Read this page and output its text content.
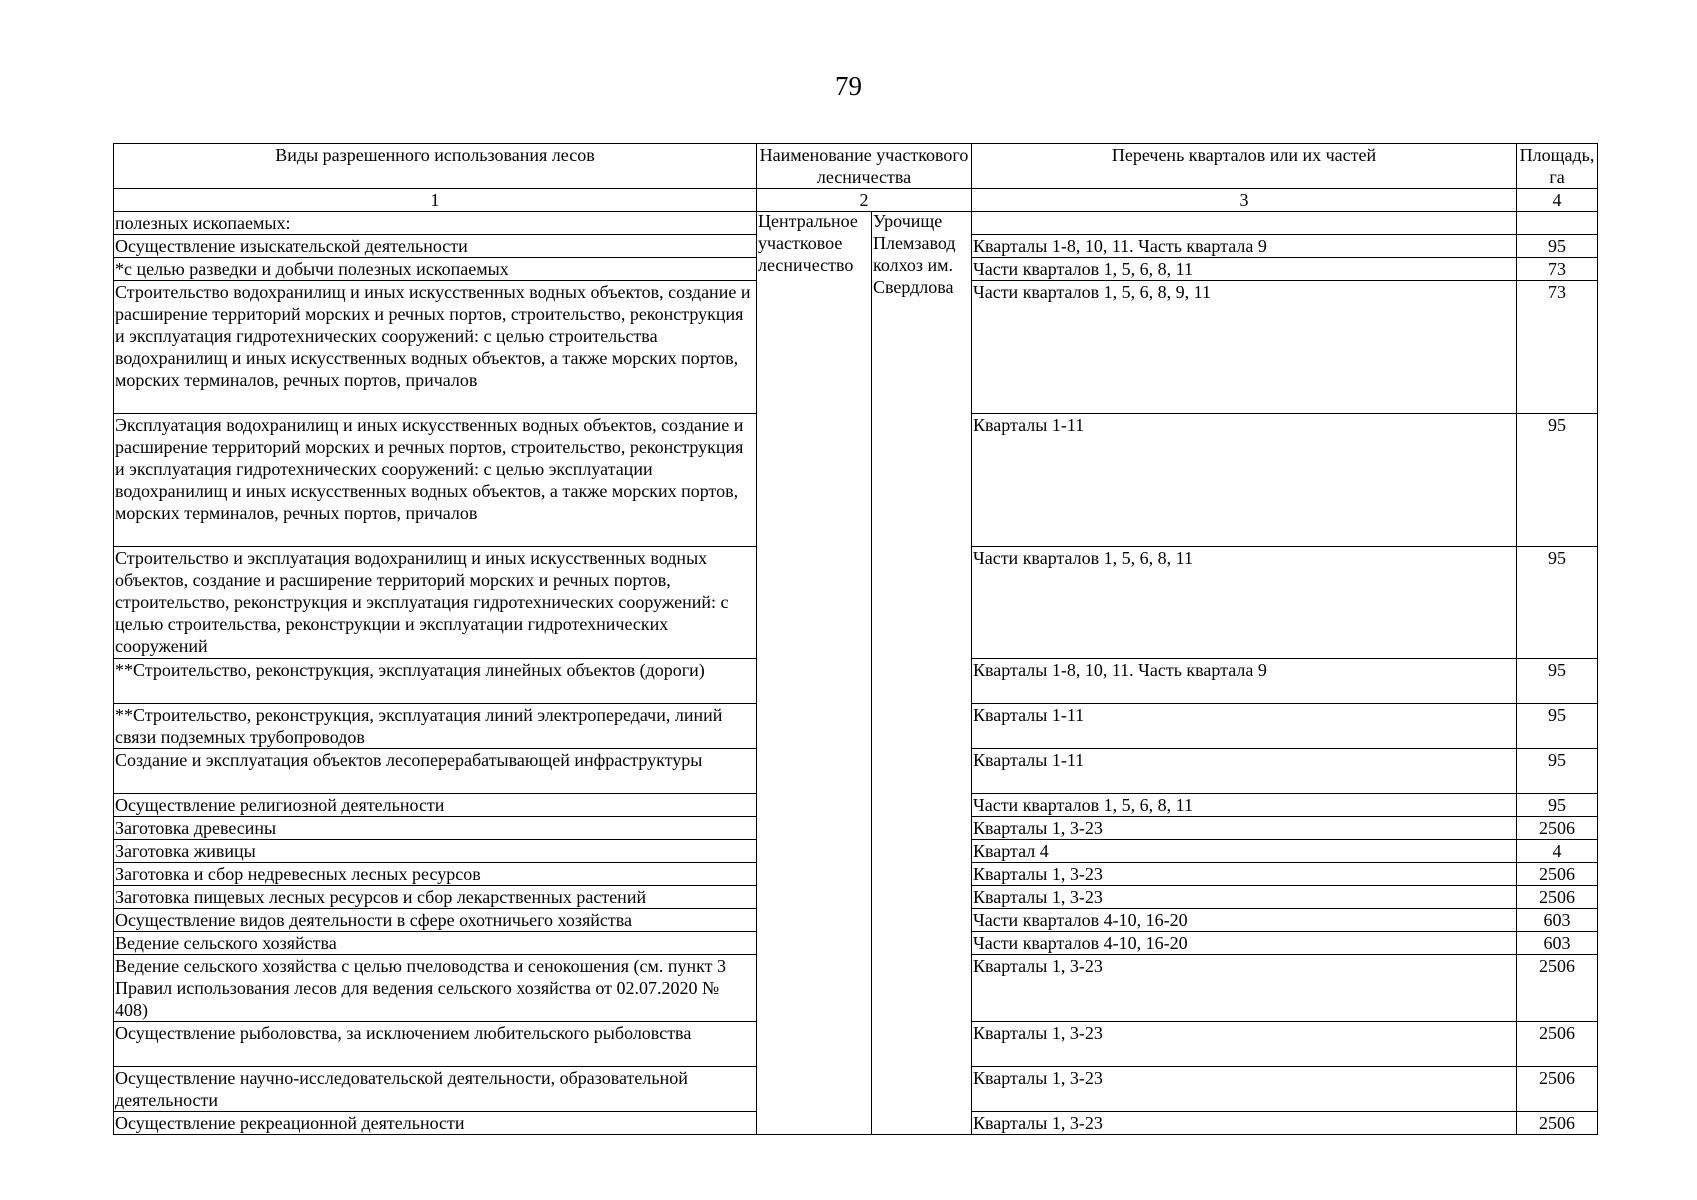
79
Виды разрешенного использования лесов	Наименование участкового лесничества		Перечень кварталов или их частей	Площадь, га
1	2		3	4
полезных ископаемых:	Центральное участковое лесничество	Урочище Племзавод колхоз им. Свердлова		

Осуществление изыскательской деятельности			Кварталы 1-8, 10, 11. Часть квартала 9	95
*с целью разведки и добычи полезных ископаемых			Части кварталов 1, 5, 6, 8, 11	73
Строительство водохранилищ и иных искусственных водных объектов, создание и расширение территорий морских и речных портов, строительство, реконструкция и эксплуатация гидротехнических сооружений: с целью строительства водохранилищ и иных искусственных водных объектов, а также морских портов, морских терминалов, речных портов, причалов			Части кварталов 1, 5, 6, 8, 9, 11	73
Эксплуатация водохранилищ и иных искусственных водных объектов, создание и расширение территорий морских и речных портов, строительство, реконструкция и эксплуатация гидротехнических сооружений: с целью эксплуатации водохранилищ и иных искусственных водных объектов, а также морских портов, морских терминалов, речных портов, причалов			Кварталы 1-11	95
Строительство и эксплуатация водохранилищ и иных искусственных водных объектов, создание и расширение территорий морских и речных портов, строительство, реконструкция и эксплуатация гидротехнических сооружений: с целью строительства, реконструкции и эксплуатации гидротехнических сооружений			Части кварталов 1, 5, 6, 8, 11	95
**Строительство, реконструкция, эксплуатация линейных объектов (дороги)			Кварталы 1-8, 10, 11. Часть квартала 9	95
**Строительство, реконструкция, эксплуатация линий электропередачи, линий связи подземных трубопроводов			Кварталы 1-11	95
Создание и эксплуатация объектов лесоперерабатывающей инфраструктуры			Кварталы 1-11	95
Осуществление религиозной деятельности			Части кварталов 1, 5, 6, 8, 11	95
Заготовка древесины			Кварталы 1, 3-23	2506
Заготовка живицы			Квартал 4	4
Заготовка и сбор недревесных лесных ресурсов			Кварталы 1, 3-23	2506
Заготовка пищевых лесных ресурсов и сбор лекарственных растений			Кварталы 1, 3-23	2506
Осуществление видов деятельности в сфере охотничьего хозяйства			Части кварталов 4-10, 16-20	603
Ведение сельского хозяйства			Части кварталов 4-10, 16-20	603
Ведение сельского хозяйства с целью пчеловодства и сенокошения (см. пункт 3 Правил использования лесов для ведения сельского хозяйства от 02.07.2020 № 408)			Кварталы 1, 3-23	2506
Осуществление рыболовства, за исключением любительского рыболовства			Кварталы 1, 3-23	2506
Осуществление научно-исследовательской деятельности, образовательной деятельности			Кварталы 1, 3-23	2506
Осуществление рекреационной деятельности			Кварталы 1, 3-23	2506
